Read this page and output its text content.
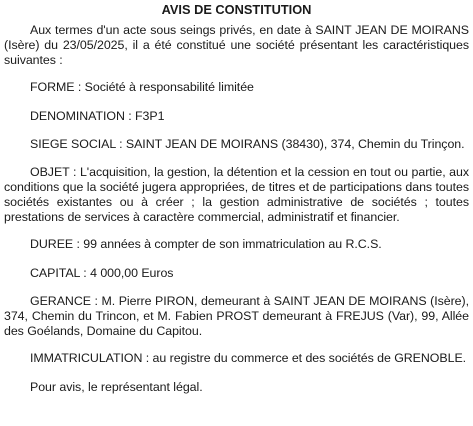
AVIS DE CONSTITUTION

Aux termes d'un acte sous seings privés, en date à SAINT JEAN DE MOIRANS (Isère) du 23/05/2025, il a été constitué une société présentant les caractéristiques suivantes :

FORME : Société à responsabilité limitée

DENOMINATION : F3P1

SIEGE SOCIAL : SAINT JEAN DE MOIRANS (38430), 374, Chemin du Trinçon.

OBJET : L'acquisition, la gestion, la détention et la cession en tout ou partie, aux conditions que la société jugera appropriées, de titres et de participations dans toutes sociétés existantes ou à créer ; la gestion administrative de sociétés ; toutes prestations de services à caractère commercial, administratif et financier.

DUREE : 99 années à compter de son immatriculation au R.C.S.

CAPITAL : 4 000,00 Euros

GERANCE : M. Pierre PIRON, demeurant à SAINT JEAN DE MOIRANS (Isère), 374, Chemin du Trincon, et M. Fabien PROST demeurant à FREJUS (Var), 99, Allée des Goélands, Domaine du Capitou.

IMMATRICULATION : au registre du commerce et des sociétés de GRENOBLE.

Pour avis, le représentant légal.
